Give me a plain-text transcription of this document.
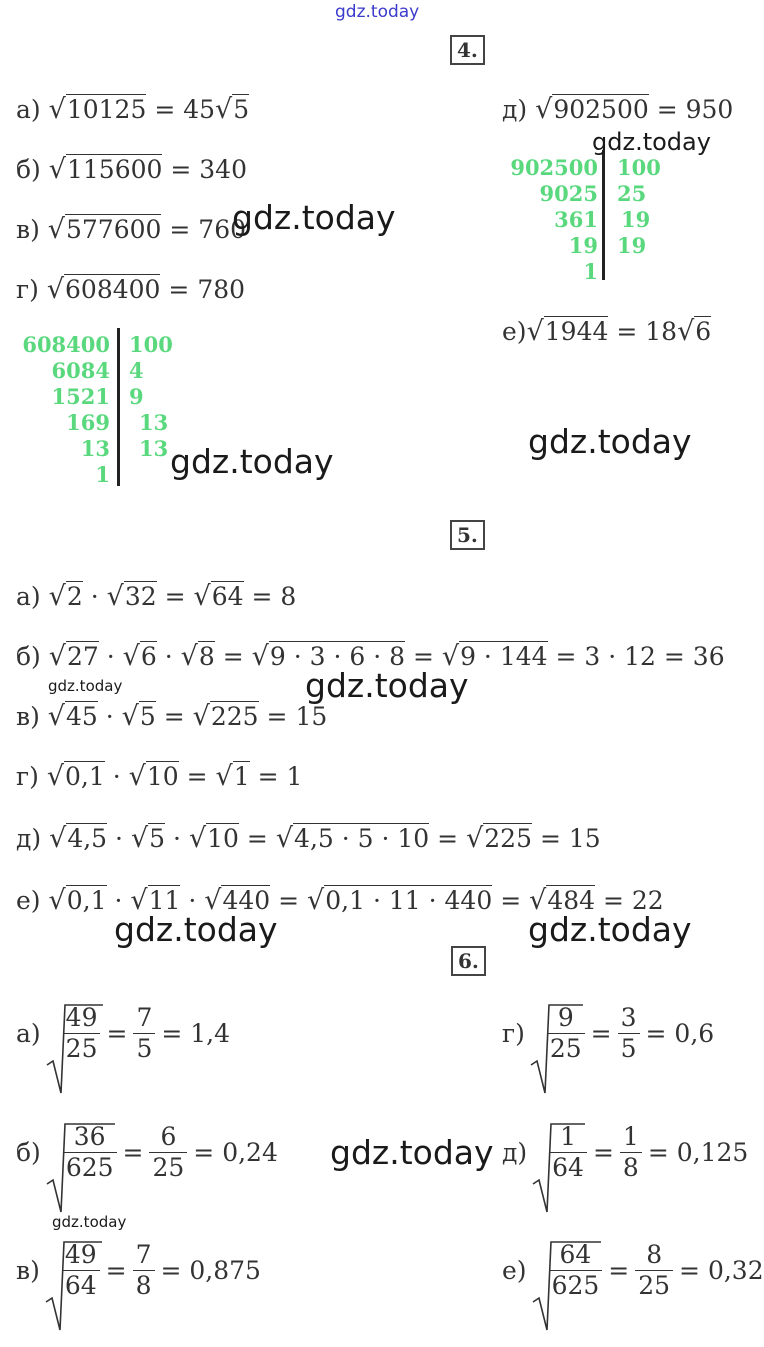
gdz.today
4.
а) √10125 = 45√5
б) √115600 = 340
в) √577600 = 760
г) √608400 = 780
608400
6084
1521
169
13
1
100
4
9
13
13
д) √902500 = 950
902500
9025
361
19
1
100
25
19
19
е)√1944 = 18√6
gdz.today
gdz.today
gdz.today
gdz.today
5.
а) √2 · √32 = √64 = 8
б) √27 · √6 · √8 = √9 · 3 · 6 · 8 = √9 · 144 = 3 · 12 = 36
в) √45 · √5 = √225 = 15
г) √0,1 · √10 = √1 = 1
д) √4,5 · √5 · √10 = √4,5 · 5 · 10 = √225 = 15
е) √0,1 · √11 · √440 = √0,1 · 11 · 440 = √484 = 22
gdz.today	gdz.today
gdz.today	gdz.today
6.
$а) \frac{49}{25} = \frac{7}{5} = 1,4$
$б) \frac{36}{625} = \frac{6}{25} = 0,24$
$в) \frac{49}{64} = \frac{7}{8} = 0,875$
$г) \frac{9}{25} = \frac{3}{5} = 0,6$
$д) \frac{1}{64} = \frac{1}{8} = 0,125$
$е) \frac{64}{625} = \frac{8}{25} = 0,32$
gdz.today
gdz.today
